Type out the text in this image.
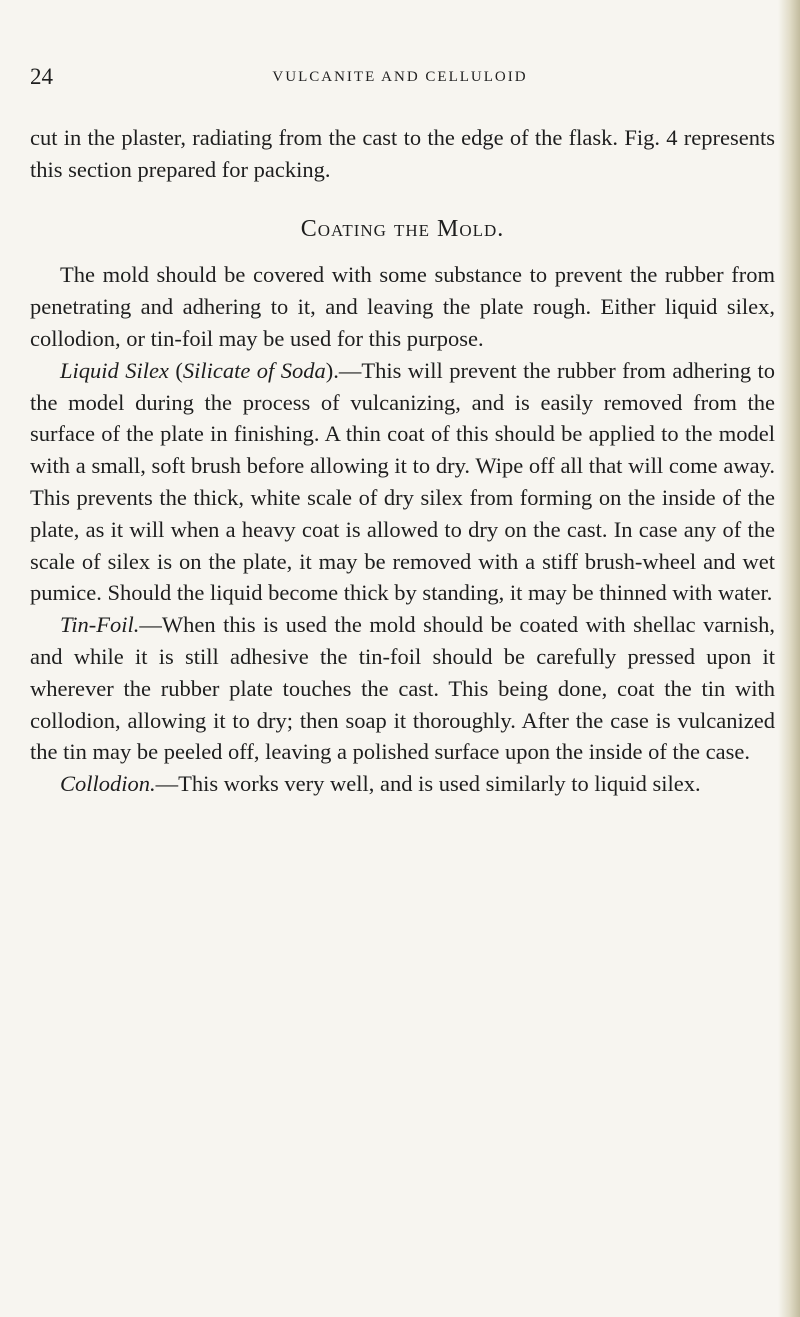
24	VULCANITE AND CELLULOID

cut in the plaster, radiating from the cast to the edge of the flask. Fig. 4 represents this section prepared for packing.

Coating the Mold.

The mold should be covered with some substance to prevent the rubber from penetrating and adhering to it, and leaving the plate rough. Either liquid silex, collodion, or tin-foil may be used for this purpose.

Liquid Silex (Silicate of Soda).—This will prevent the rubber from adhering to the model during the process of vulcanizing, and is easily removed from the surface of the plate in finishing. A thin coat of this should be applied to the model with a small, soft brush before allowing it to dry. Wipe off all that will come away. This prevents the thick, white scale of dry silex from forming on the inside of the plate, as it will when a heavy coat is allowed to dry on the cast. In case any of the scale of silex is on the plate, it may be removed with a stiff brush-wheel and wet pumice. Should the liquid become thick by standing, it may be thinned with water.

Tin-Foil.—When this is used the mold should be coated with shellac varnish, and while it is still adhesive the tin-foil should be carefully pressed upon it wherever the rubber plate touches the cast. This being done, coat the tin with collodion, allowing it to dry; then soap it thoroughly. After the case is vulcanized the tin may be peeled off, leaving a polished surface upon the inside of the case.

Collodion.—This works very well, and is used similarly to liquid silex.
